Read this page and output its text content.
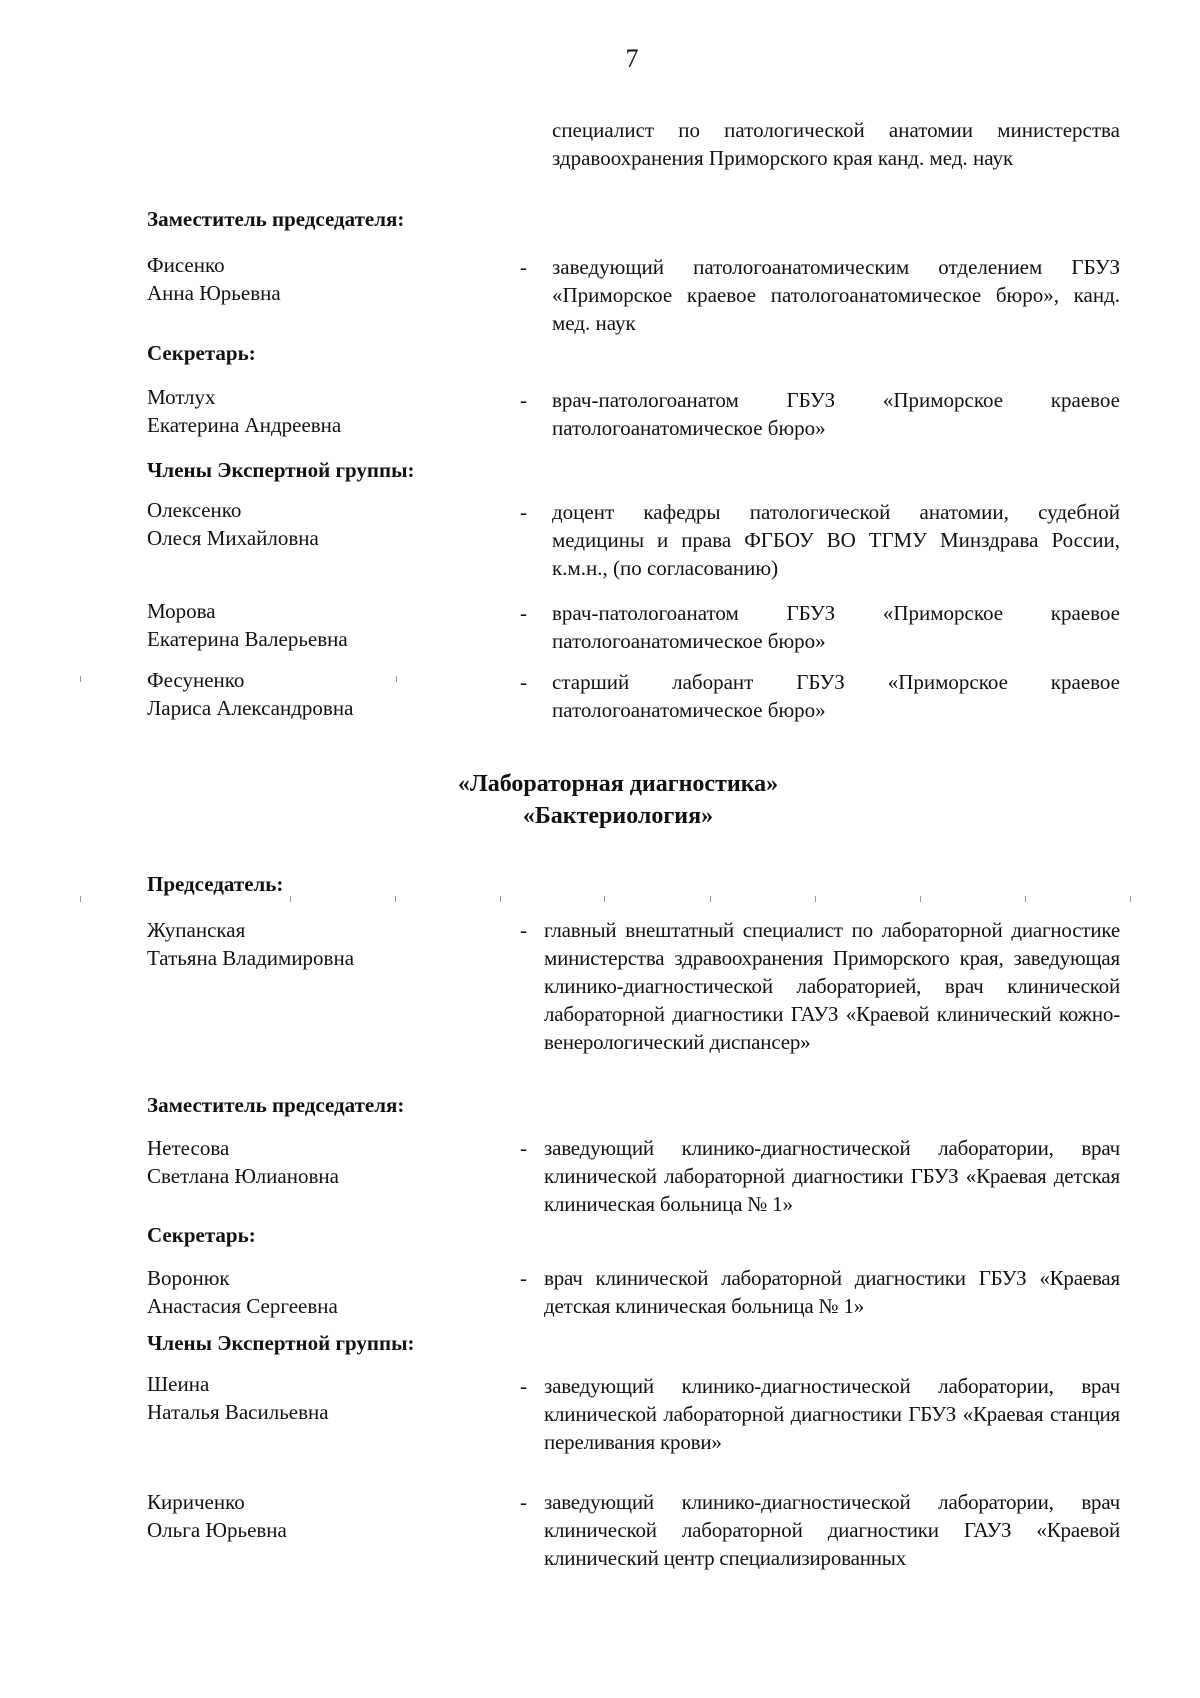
7
специалист по патологической анатомии министерства здравоохранения Приморского края канд. мед. наук
Заместитель председателя:
Фисенко
Анна Юрьевна
- заведующий патологоанатомическим отделением ГБУЗ «Приморское краевое патологоанатомическое бюро», канд. мед. наук
Секретарь:
Мотлух
Екатерина Андреевна
- врач-патологоанатом ГБУЗ «Приморское краевое патологоанатомическое бюро»
Члены Экспертной группы:
Олексенко
Олеся Михайловна
- доцент кафедры патологической анатомии, судебной медицины и права ФГБОУ ВО ТГМУ Минздрава России, к.м.н., (по согласованию)
Морова
Екатерина Валерьевна
- врач-патологоанатом ГБУЗ «Приморское краевое патологоанатомическое бюро»
Фесуненко
Лариса Александровна
- старший лаборант ГБУЗ «Приморское краевое патологоанатомическое бюро»
«Лабораторная диагностика»
«Бактериология»
Председатель:
Жупанская
Татьяна Владимировна
- главный внештатный специалист по лабораторной диагностике министерства здравоохранения Приморского края, заведующая клинико-диагностической лабораторией, врач клинической лабораторной диагностики ГАУЗ «Краевой клинический кожно-венерологический диспансер»
Заместитель председателя:
Нетесова
Светлана Юлиановна
- заведующий клинико-диагностической лаборатории, врач клинической лабораторной диагностики ГБУЗ «Краевая детская клиническая больница № 1»
Секретарь:
Воронюк
Анастасия Сергеевна
- врач клинической лабораторной диагностики ГБУЗ «Краевая детская клиническая больница № 1»
Члены Экспертной группы:
Шеина
Наталья Васильевна
- заведующий клинико-диагностической лаборатории, врач клинической лабораторной диагностики ГБУЗ «Краевая станция переливания крови»
Кириченко
Ольга Юрьевна
- заведующий клинико-диагностической лаборатории, врач клинической лабораторной диагностики ГАУЗ «Краевой клинический центр специализированных
